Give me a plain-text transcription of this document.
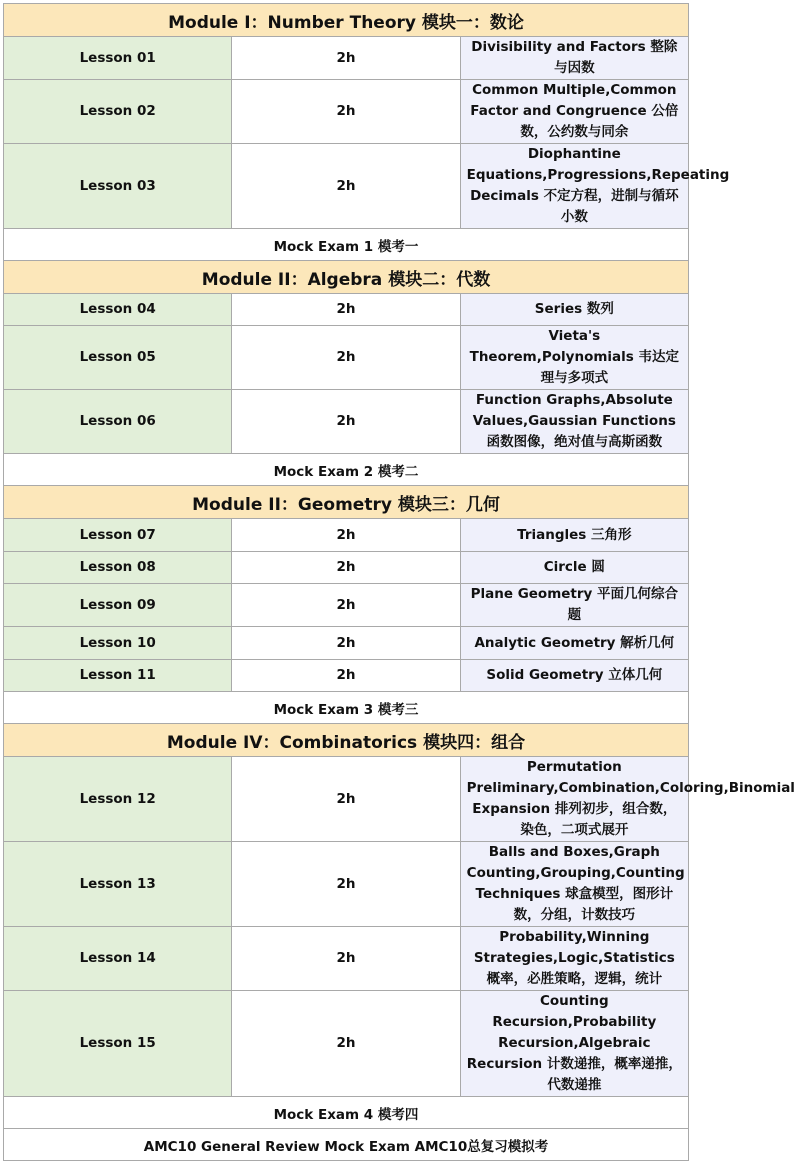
Module I：Number Theory 模块一：数论		
Lesson 01	2h	Divisibility and Factors 整除与因数
Lesson 02	2h	Common Multiple,Common Factor and Congruence 公倍数，公约数与同余
Lesson 03	2h	Diophantine Equations,Progressions,Repeating Decimals 不定方程，进制与循环小数
Mock Exam 1 模考一		
Module II：Algebra 模块二：代数		
Lesson 04	2h	Series 数列
Lesson 05	2h	Vieta's Theorem,Polynomials 韦达定理与多项式
Lesson 06	2h	Function Graphs,Absolute Values,Gaussian Functions 函数图像，绝对值与高斯函数
Mock Exam 2 模考二		
Module II：Geometry 模块三：几何		
Lesson 07	2h	Triangles 三角形
Lesson 08	2h	Circle 圆
Lesson 09	2h	Plane Geometry 平面几何综合题
Lesson 10	2h	Analytic Geometry 解析几何
Lesson 11	2h	Solid Geometry 立体几何
Mock Exam 3 模考三		
Module IV：Combinatorics 模块四：组合		
Lesson 12	2h	Permutation Preliminary,Combination,Coloring,Binomial Expansion 排列初步，组合数，染色，二项式展开
Lesson 13	2h	Balls and Boxes,Graph Counting,Grouping,Counting Techniques 球盒模型，图形计数，分组，计数技巧
Lesson 14	2h	Probability,Winning Strategies,Logic,Statistics 概率，必胜策略，逻辑，统计
Lesson 15	2h	Counting Recursion,Probability Recursion,Algebraic Recursion 计数递推，概率递推，代数递推
Mock Exam 4 模考四		
AMC10 General Review Mock Exam AMC10总复习模拟考		
